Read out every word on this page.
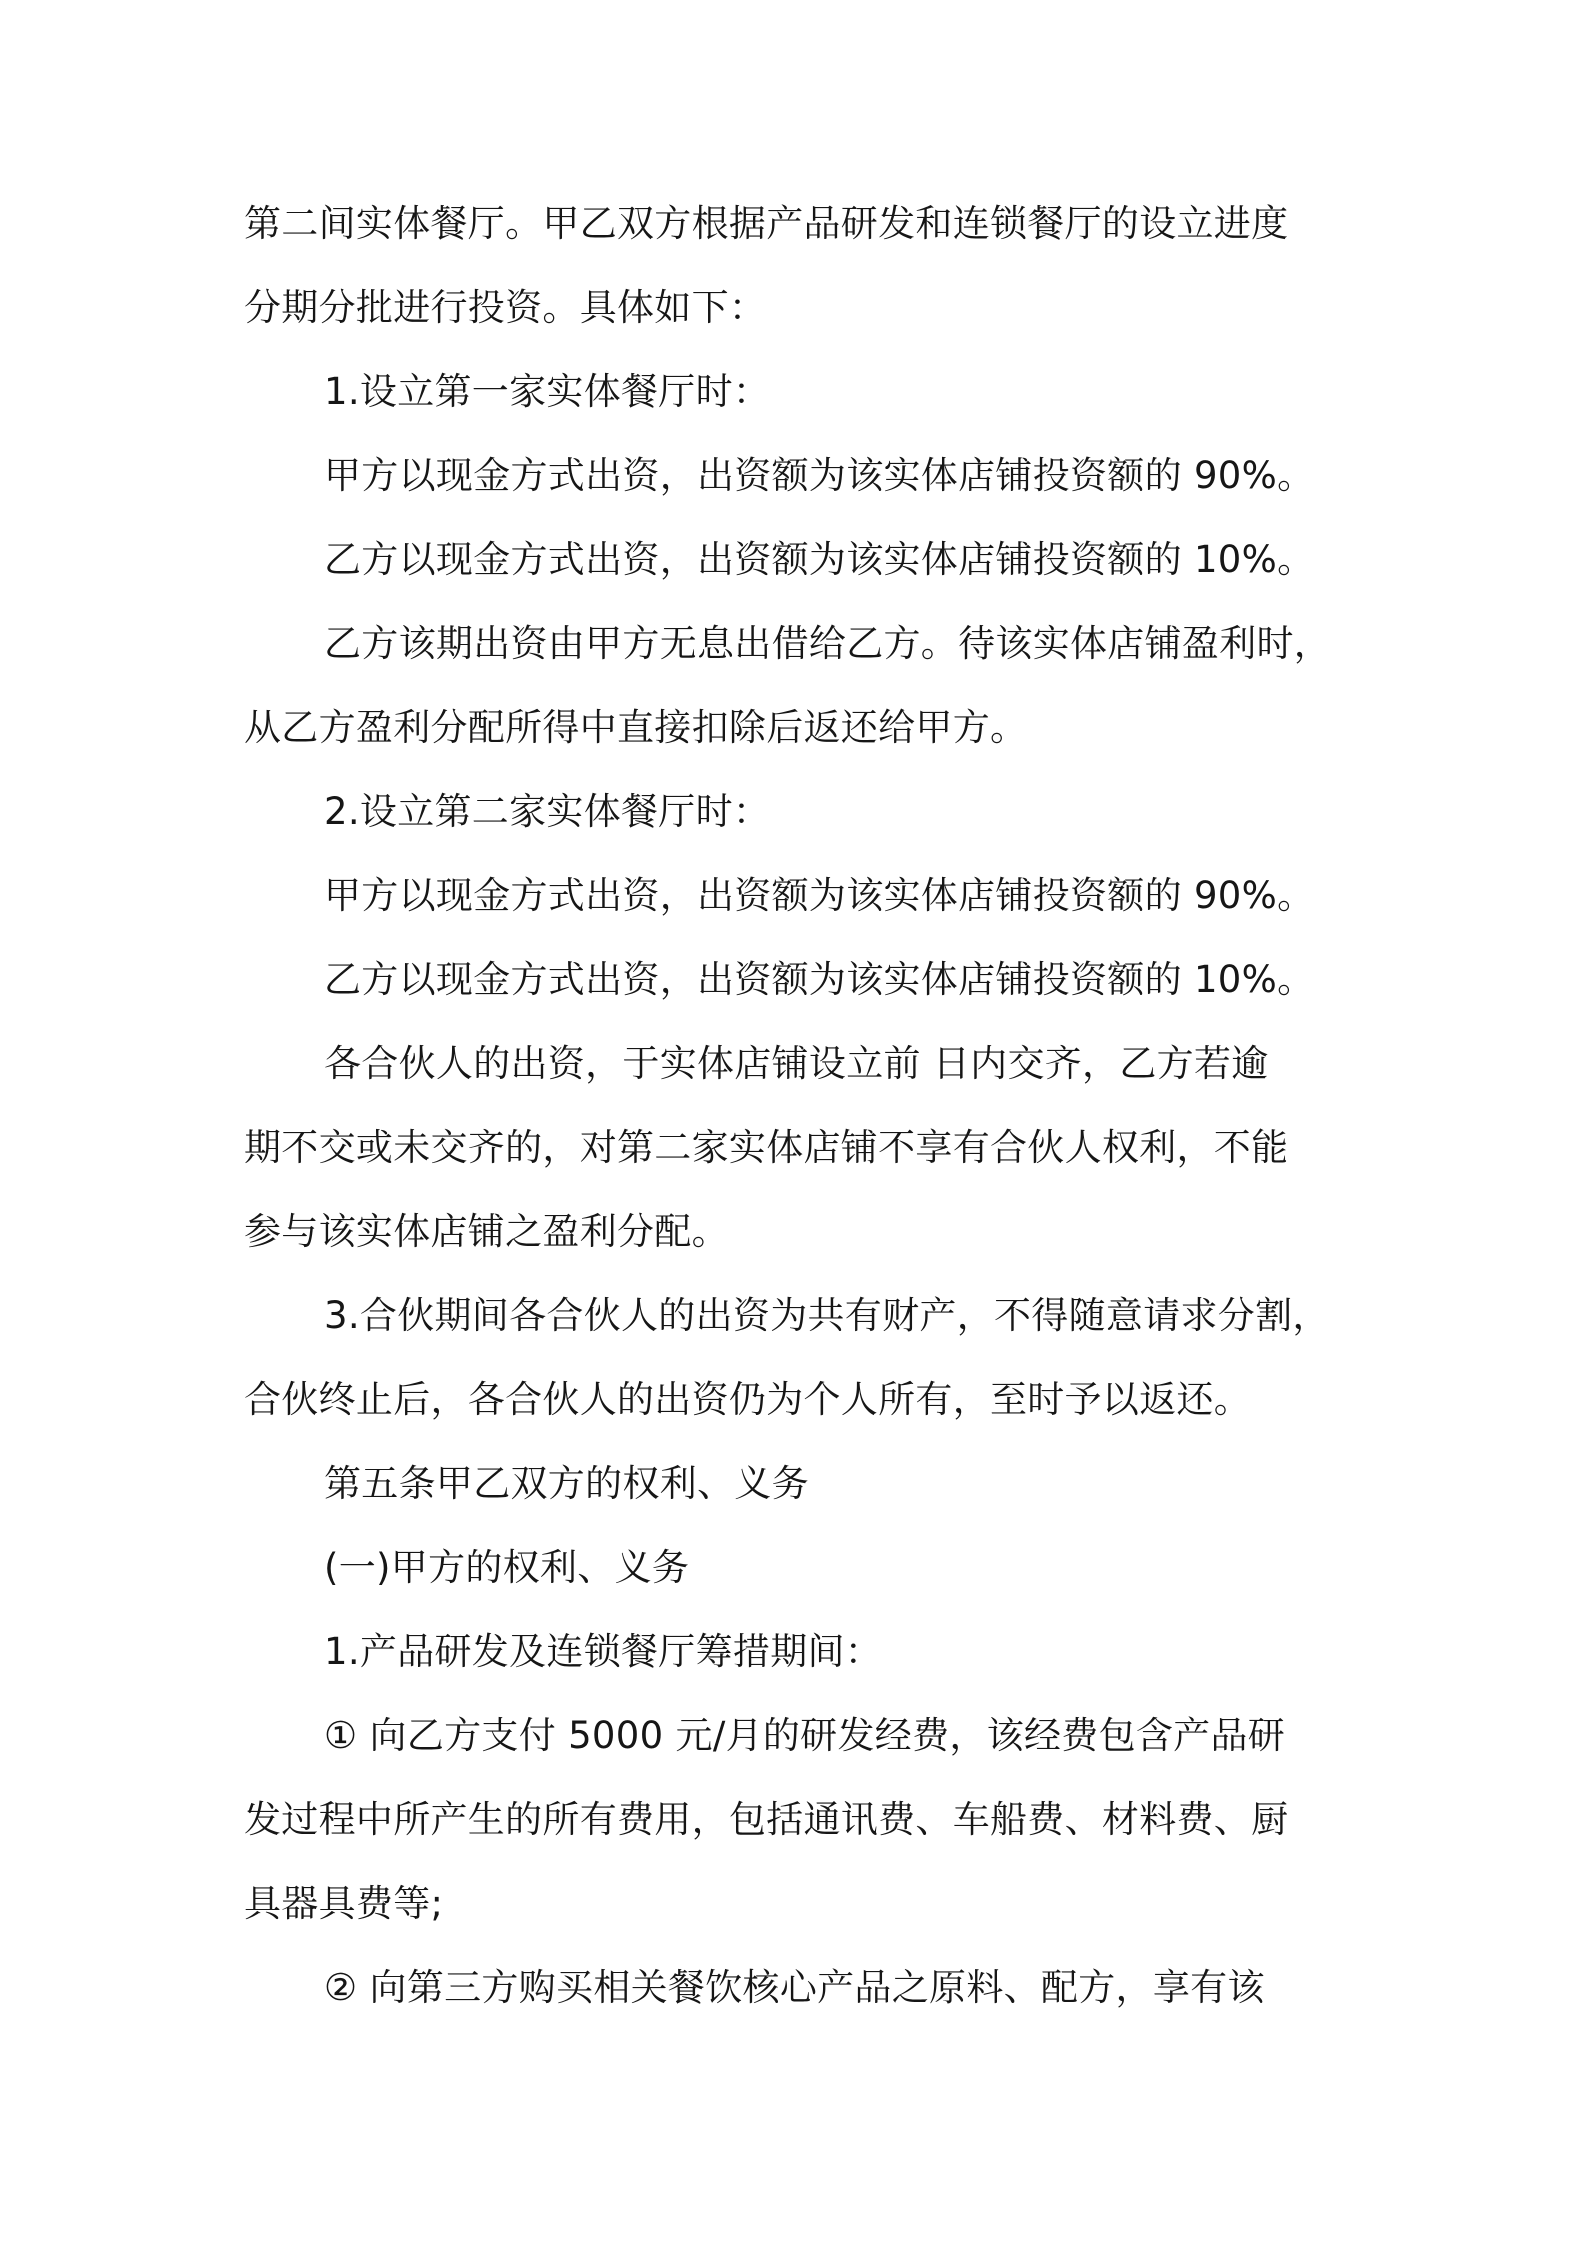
第二间实体餐厅。甲乙双方根据产品研发和连锁餐厅的设立进度
分期分批进行投资。具体如下：
1.设立第一家实体餐厅时：
甲方以现金方式出资，出资额为该实体店铺投资额的 90%。
乙方以现金方式出资，出资额为该实体店铺投资额的 10%。
乙方该期出资由甲方无息出借给乙方。待该实体店铺盈利时，
从乙方盈利分配所得中直接扣除后返还给甲方。
2.设立第二家实体餐厅时：
甲方以现金方式出资，出资额为该实体店铺投资额的 90%。
乙方以现金方式出资，出资额为该实体店铺投资额的 10%。
各合伙人的出资，于实体店铺设立前 日内交齐，乙方若逾
期不交或未交齐的，对第二家实体店铺不享有合伙人权利，不能
参与该实体店铺之盈利分配。
3.合伙期间各合伙人的出资为共有财产，不得随意请求分割，
合伙终止后，各合伙人的出资仍为个人所有，至时予以返还。
第五条甲乙双方的权利、义务
(一)甲方的权利、义务
1.产品研发及连锁餐厅筹措期间：
① 向乙方支付 5000 元/月的研发经费，该经费包含产品研
发过程中所产生的所有费用，包括通讯费、车船费、材料费、厨
具器具费等;
② 向第三方购买相关餐饮核心产品之原料、配方，享有该
